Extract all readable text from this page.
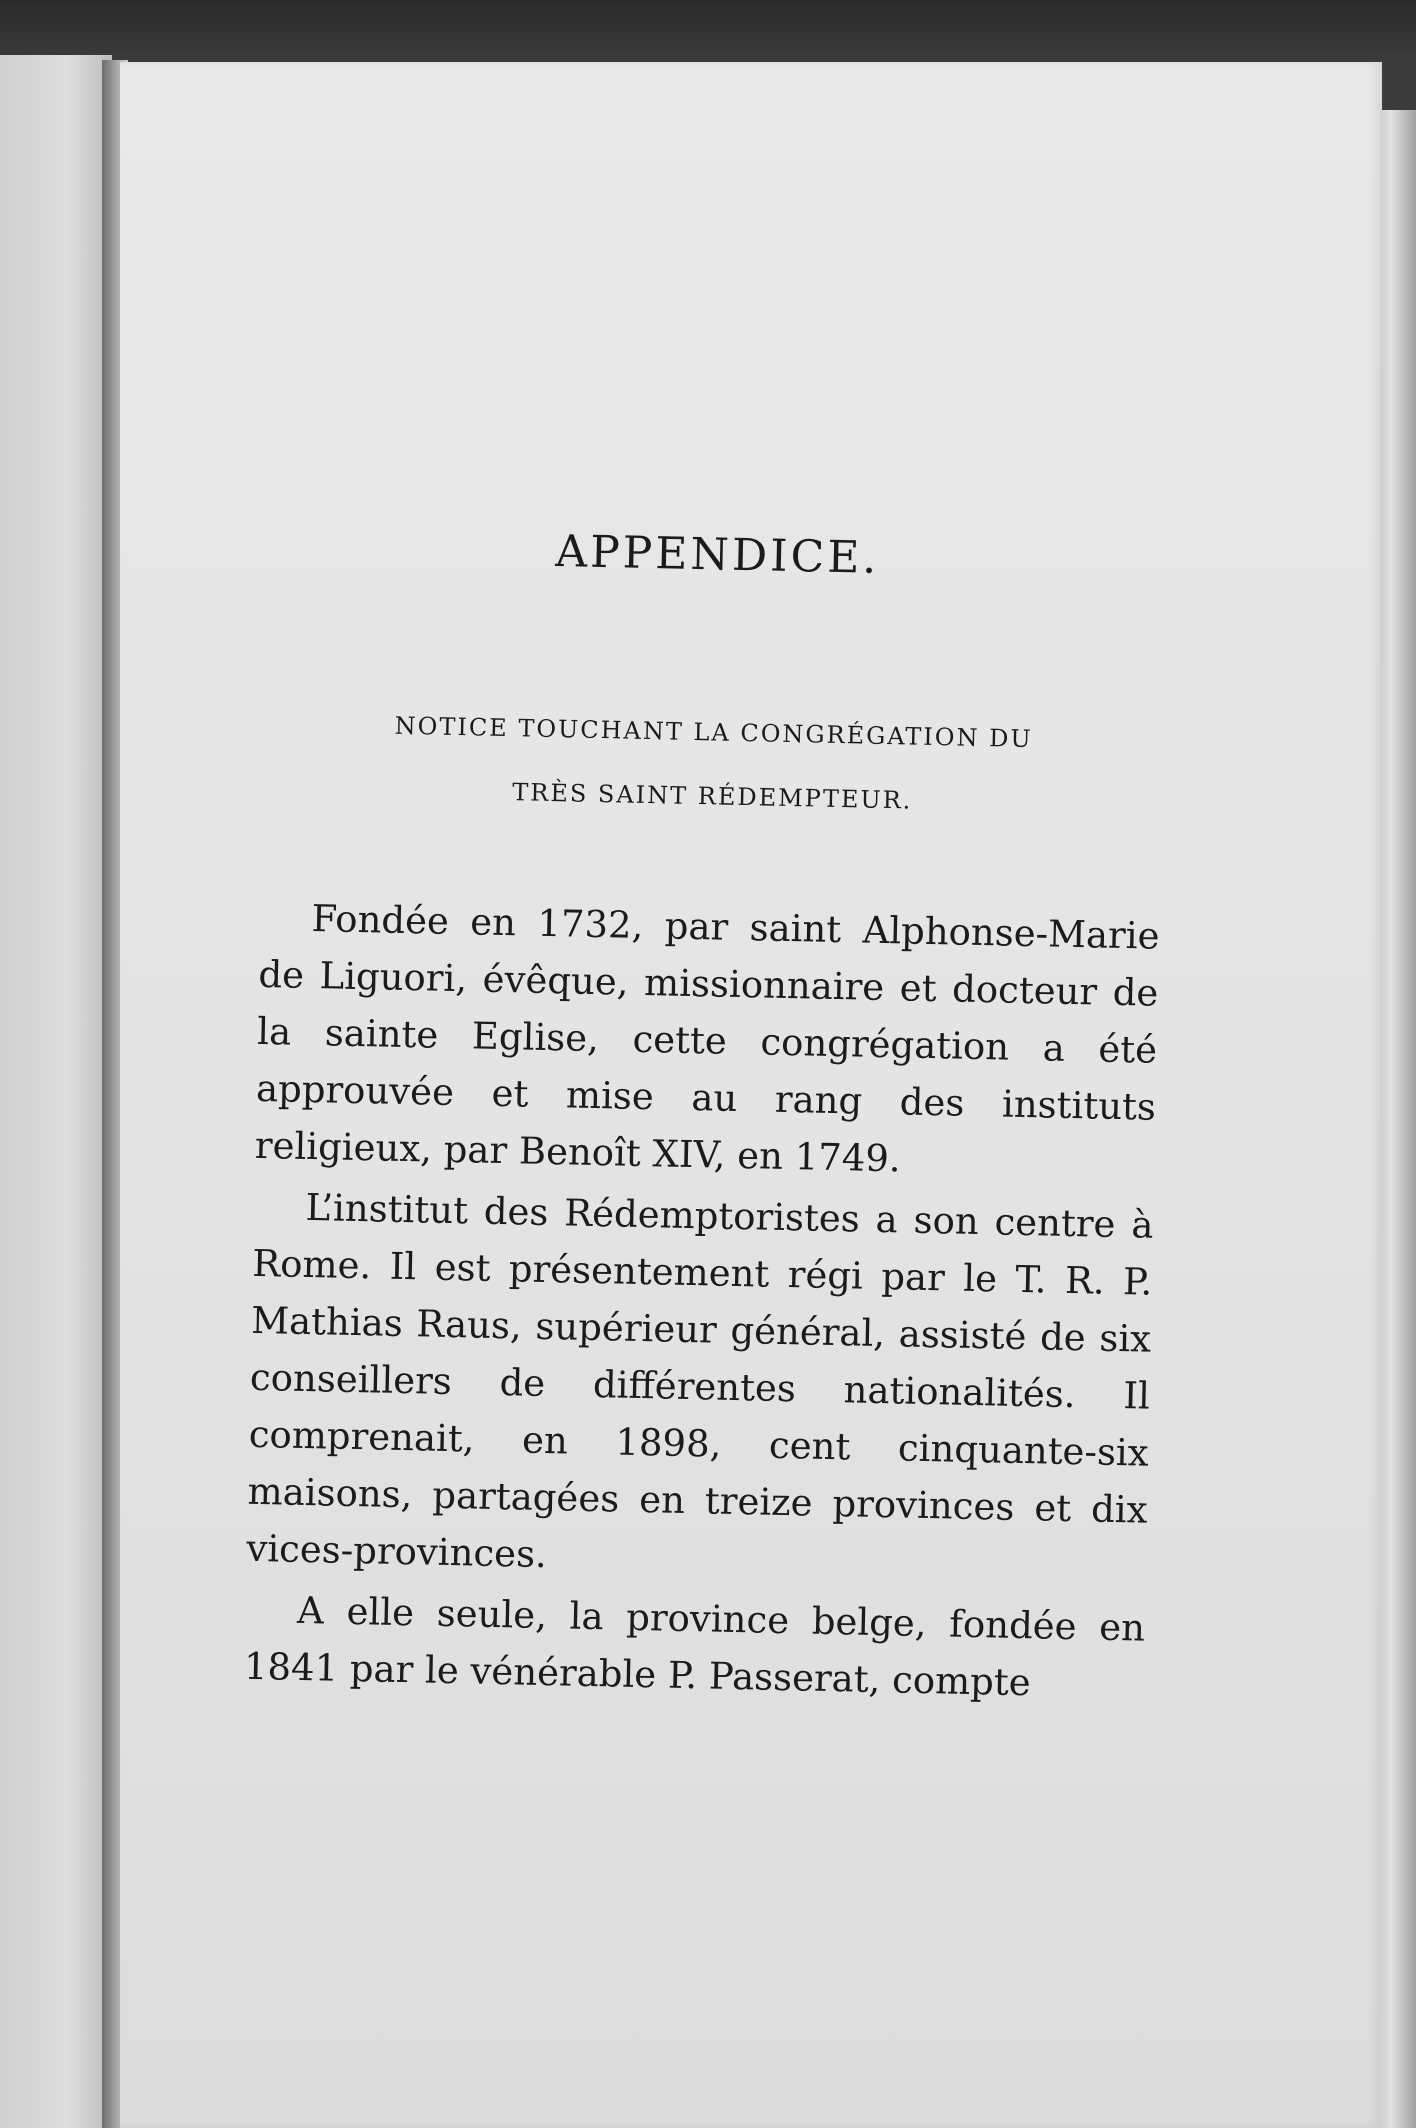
APPENDICE.
NOTICE TOUCHANT LA CONGRÉGATION DU
TRÈS SAINT RÉDEMPTEUR.

Fondée en 1732, par saint Alphonse-Marie de Liguori, évêque, missionnaire et docteur de la sainte Eglise, cette congrégation a été approuvée et mise au rang des instituts religieux, par Benoît XIV, en 1749.

L’institut des Rédemptoristes a son centre à Rome. Il est présentement régi par le T. R. P. Mathias Raus, supérieur général, assisté de six conseillers de différentes nationalités. Il comprenait, en 1898, cent cinquante-six maisons, partagées en treize provinces et dix vices-provinces.

A elle seule, la province belge, fondée en 1841 par le vénérable P. Passerat, compte
